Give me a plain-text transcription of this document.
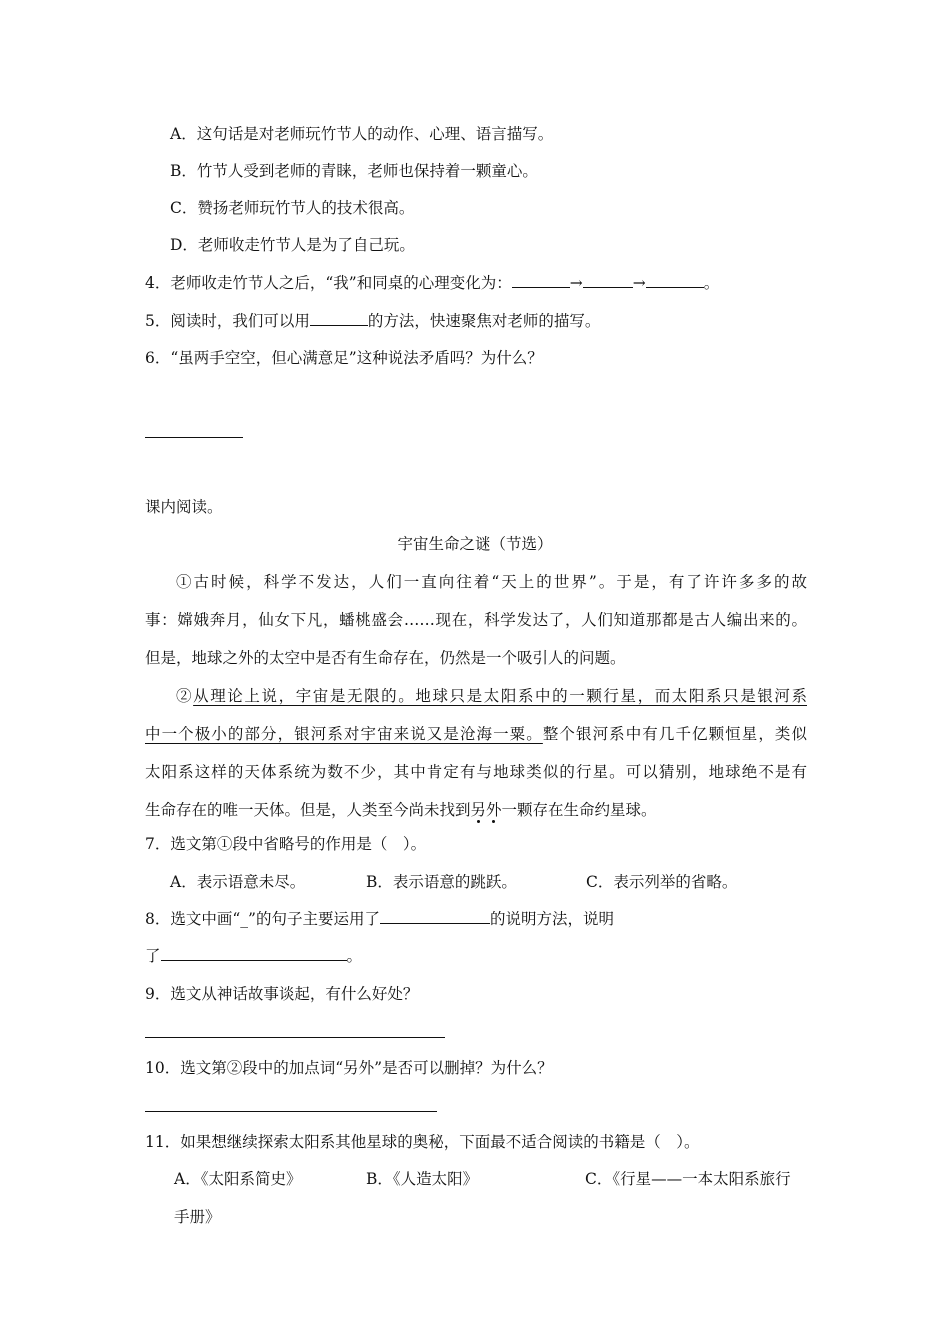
A．这句话是对老师玩竹节人的动作、心理、语言描写。
B．竹节人受到老师的青睐，老师也保持着一颗童心。
C．赞扬老师玩竹节人的技术很高。
D．老师收走竹节人是为了自己玩。
4．老师收走竹节人之后，“我”和同桌的心理变化为：	→	→	。
5．阅读时，我们可以用	的方法，快速聚焦对老师的描写。
6．“虽两手空空，但心满意足”这种说法矛盾吗？为什么？
课内阅读。
宇宙生命之谜（节选）
①古时候，科学不发达，人们一直向往着“天上的世界”。于是，有了许许多多的故
事：嫦娥奔月，仙女下凡，蟠桃盛会……现在，科学发达了，人们知道那都是古人编出来的。
但是，地球之外的太空中是否有生命存在，仍然是一个吸引人的问题。
②从理论上说，宇宙是无限的。地球只是太阳系中的一颗行星，而太阳系只是银河系
中一个极小的部分，银河系对宇宙来说又是沧海一粟。整个银河系中有几千亿颗恒星，类似
太阳系这样的天体系统为数不少，其中肯定有与地球类似的行星。可以猜别，地球绝不是有
生命存在的唯一天体。但是，人类至今尚未找到另外一颗存在生命约星球。
7．选文第①段中省略号的作用是（　）。
A．表示语意未尽。	B．表示语意的跳跃。	C．表示列举的省略。
8．选文中画“_”的句子主要运用了	的说明方法，说明
了	。
9．选文从神话故事谈起，有什么好处？
10．选文第②段中的加点词“另外”是否可以删掉？为什么？
11．如果想继续探索太阳系其他星球的奥秘，下面最不适合阅读的书籍是（　）。
A．《太阳系简史》	B．《人造太阳》	C．《行星——一本太阳系旅行
手册》
